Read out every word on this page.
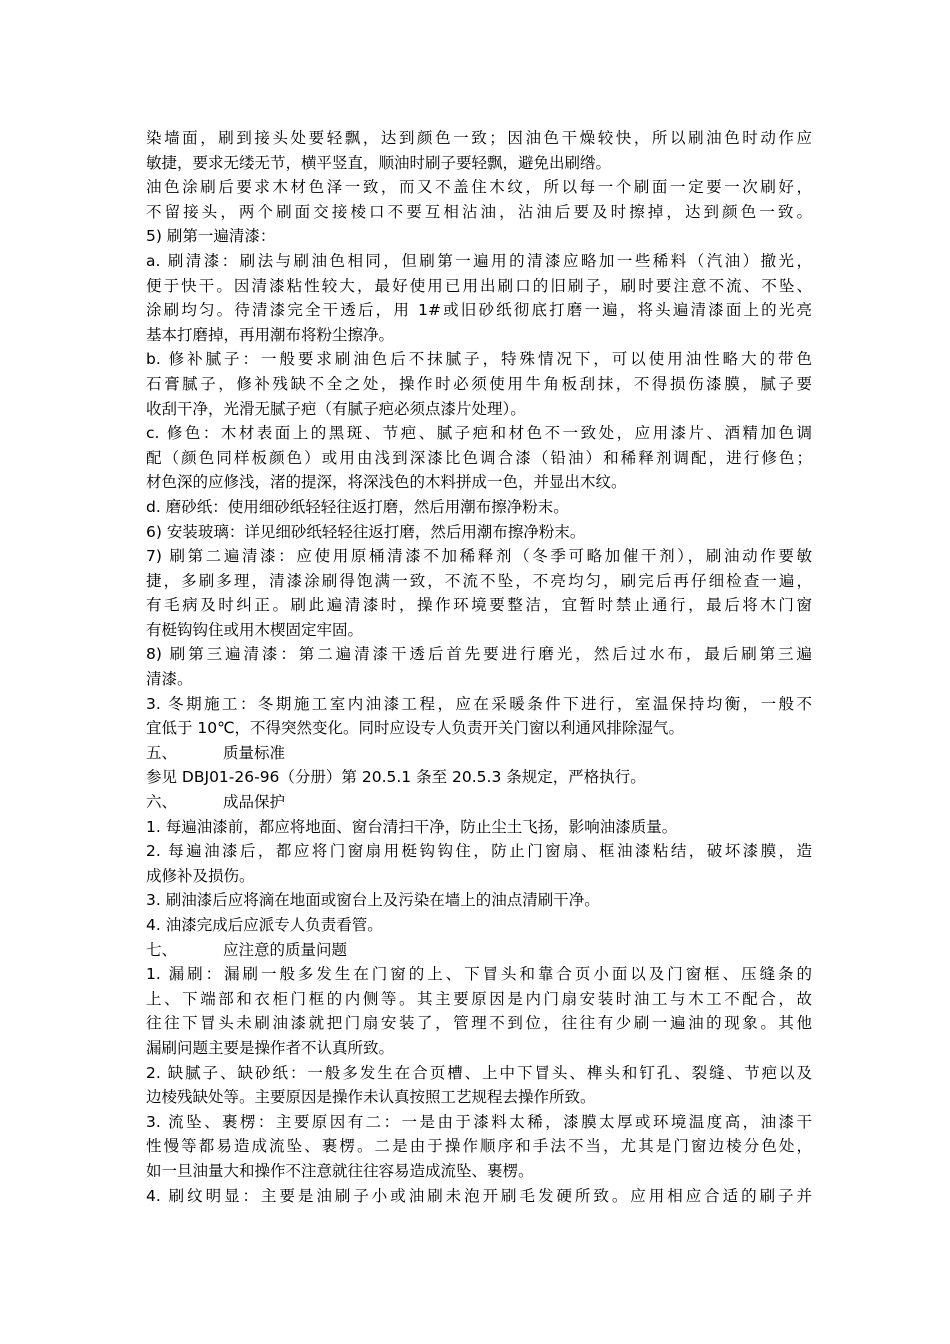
染墙面，刷到接头处要轻飘，达到颜色一致；因油色干燥较快，所以刷油色时动作应
敏捷，要求无缕无节，横平竖直，顺油时刷子要轻飘，避免出刷绺。
油色涂刷后要求木材色泽一致，而又不盖住木纹，所以每一个刷面一定要一次刷好，
不留接头，两个刷面交接棱口不要互相沾油，沾油后要及时擦掉，达到颜色一致。
5) 刷第一遍清漆：
a. 刷清漆：刷法与刷油色相同，但刷第一遍用的清漆应略加一些稀料（汽油）撤光，
便于快干。因清漆粘性较大，最好使用已用出刷口的旧刷子，刷时要注意不流、不坠、
涂刷均匀。待清漆完全干透后，用 1#或旧砂纸彻底打磨一遍，将头遍清漆面上的光亮
基本打磨掉，再用潮布将粉尘擦净。
b. 修补腻子：一般要求刷油色后不抹腻子，特殊情况下，可以使用油性略大的带色
石膏腻子，修补残缺不全之处，操作时必须使用牛角板刮抹，不得损伤漆膜，腻子要
收刮干净，光滑无腻子疤（有腻子疤必须点漆片处理）。
c. 修色：木材表面上的黑斑、节疤、腻子疤和材色不一致处，应用漆片、酒精加色调
配（颜色同样板颜色）或用由浅到深漆比色调合漆（铅油）和稀释剂调配，进行修色；
材色深的应修浅，渚的提深，将深浅色的木料拼成一色，并显出木纹。
d. 磨砂纸：使用细砂纸轻轻往返打磨，然后用潮布擦净粉末。
6) 安装玻璃：详见细砂纸轻轻往返打磨，然后用潮布擦净粉末。
7) 刷第二遍清漆：应使用原桶清漆不加稀释剂（冬季可略加催干剂），刷油动作要敏
捷，多刷多理，清漆涂刷得饱满一致，不流不坠，不亮均匀，刷完后再仔细检查一遍，
有毛病及时纠正。刷此遍清漆时，操作环境要整洁，宜暂时禁止通行，最后将木门窗
有梃钩钩住或用木楔固定牢固。
8) 刷第三遍清漆：第二遍清漆干透后首先要进行磨光，然后过水布，最后刷第三遍
清漆。
3. 冬期施工：冬期施工室内油漆工程，应在采暖条件下进行，室温保持均衡，一般不
宜低于 10℃，不得突然变化。同时应设专人负责开关门窗以利通风排除湿气。
五、	质量标准
参见 DBJ01-26-96（分册）第 20.5.1 条至 20.5.3 条规定，严格执行。
六、	成品保护
1. 每遍油漆前，都应将地面、窗台清扫干净，防止尘土飞扬，影响油漆质量。
2. 每遍油漆后，都应将门窗扇用梃钩钩住，防止门窗扇、框油漆粘结，破坏漆膜，造
成修补及损伤。
3. 刷油漆后应将滴在地面或窗台上及污染在墙上的油点清刷干净。
4. 油漆完成后应派专人负责看管。
七、	应注意的质量问题
1. 漏刷：漏刷一般多发生在门窗的上、下冒头和靠合页小面以及门窗框、压缝条的
上、下端部和衣柜门框的内侧等。其主要原因是内门扇安装时油工与木工不配合，故
往往下冒头未刷油漆就把门扇安装了，管理不到位，往往有少刷一遍油的现象。其他
漏刷问题主要是操作者不认真所致。
2. 缺腻子、缺砂纸：一般多发生在合页槽、上中下冒头、榫头和钉孔、裂缝、节疤以及
边棱残缺处等。主要原因是操作未认真按照工艺规程去操作所致。
3. 流坠、裹楞：主要原因有二：一是由于漆料太稀，漆膜太厚或环境温度高，油漆干
性慢等都易造成流坠、裹楞。二是由于操作顺序和手法不当，尤其是门窗边棱分色处，
如一旦油量大和操作不注意就往往容易造成流坠、裹楞。
4. 刷纹明显：主要是油刷子小或油刷未泡开刷毛发硬所致。应用相应合适的刷子并
